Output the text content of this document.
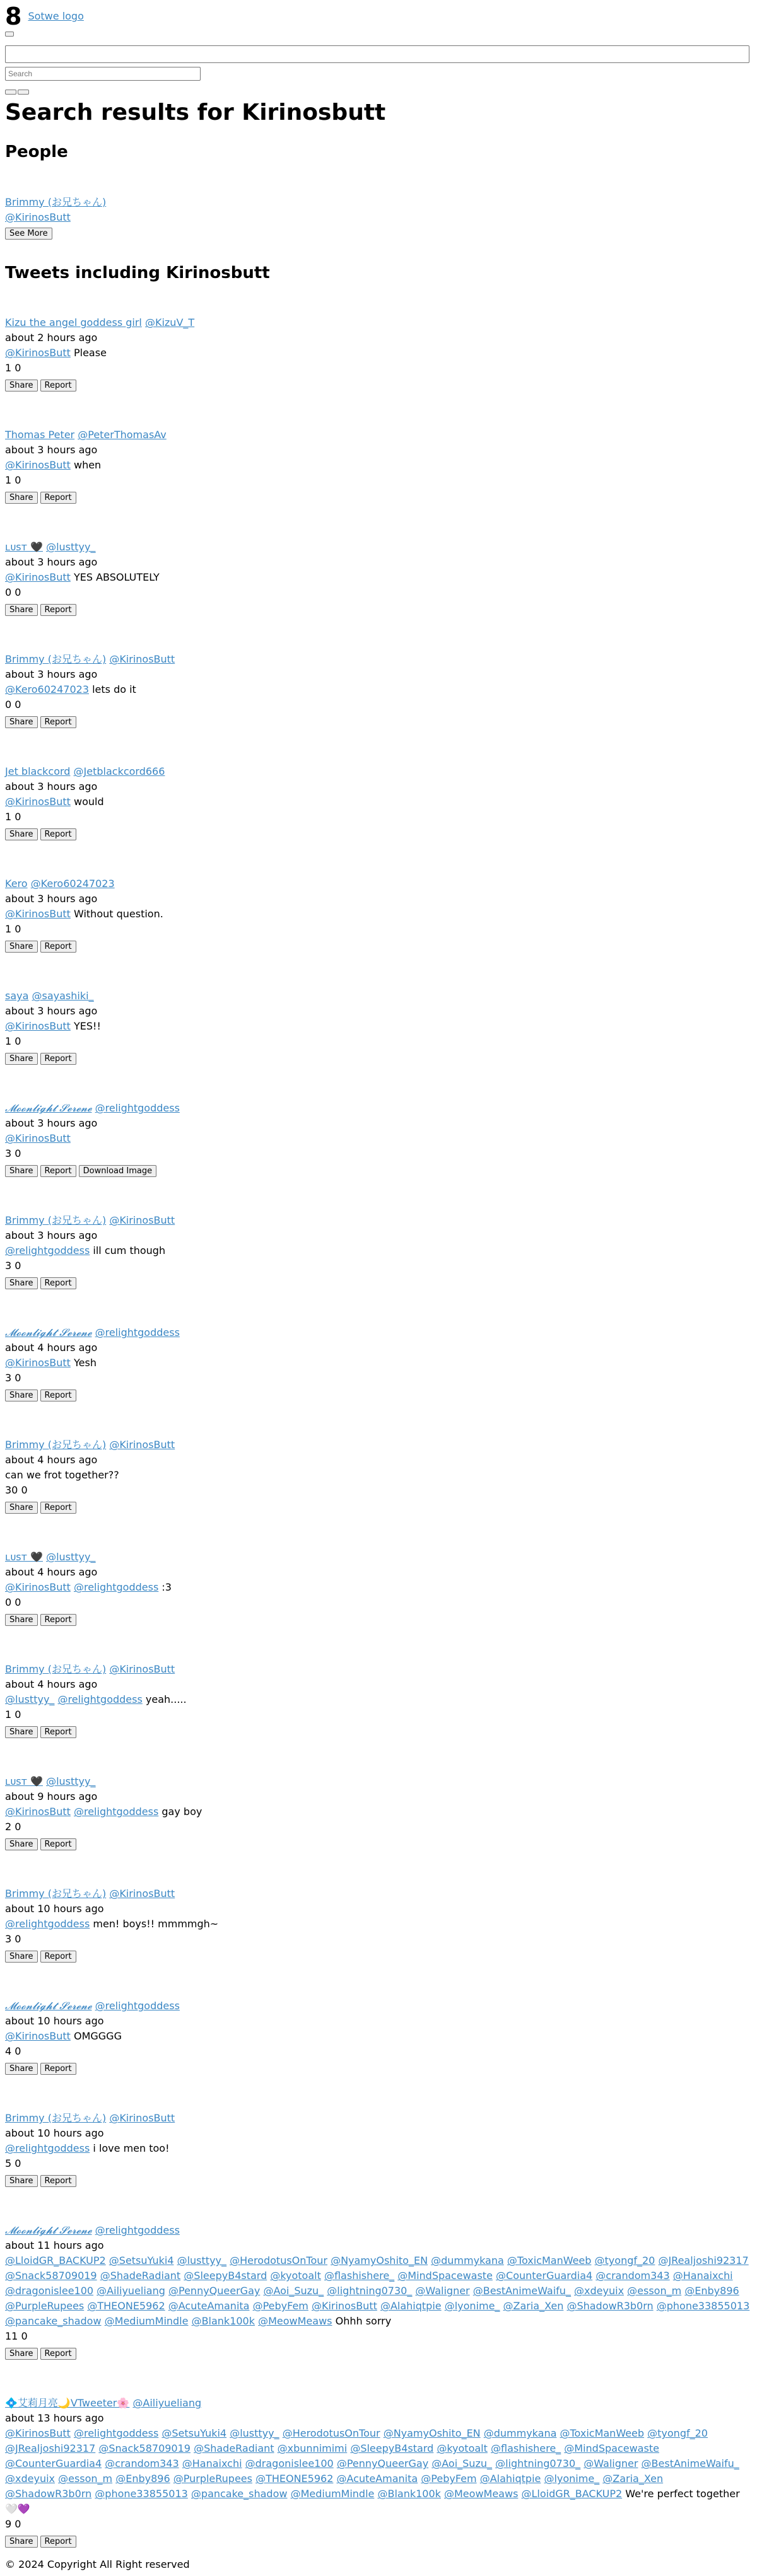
8 Sotwe logo
Search
Search results for Kirinosbutt
People
Brimmy (お兄ちゃん)
@KirinosButt
See More
Tweets including Kirinosbutt
Kizu the angel goddess girl @KizuV_T
about 2 hours ago
@KirinosButt Please
1 0
Share Report
Thomas Peter @PeterThomasAv
about 3 hours ago
@KirinosButt when
1 0
Share Report
ʟᴜꜱᴛ 🖤 @lusttyy_
about 3 hours ago
@KirinosButt YES ABSOLUTELY
0 0
Share Report
Brimmy (お兄ちゃん) @KirinosButt
about 3 hours ago
@Kero60247023 lets do it
0 0
Share Report
Jet blackcord @Jetblackcord666
about 3 hours ago
@KirinosButt would
1 0
Share Report
Kero @Kero60247023
about 3 hours ago
@KirinosButt Without question.
1 0
Share Report
saya @sayashiki_
about 3 hours ago
@KirinosButt YES!!
1 0
Share Report
𝓜𝓸𝓸𝓷𝓵𝓲𝓰𝓱𝓽 𝓢𝓮𝓻𝓮𝓷𝓮 @relightgoddess
about 3 hours ago
@KirinosButt
3 0
Share Report Download Image
Brimmy (お兄ちゃん) @KirinosButt
about 3 hours ago
@relightgoddess ill cum though
3 0
Share Report
𝓜𝓸𝓸𝓷𝓵𝓲𝓰𝓱𝓽 𝓢𝓮𝓻𝓮𝓷𝓮 @relightgoddess
about 4 hours ago
@KirinosButt Yesh
3 0
Share Report
Brimmy (お兄ちゃん) @KirinosButt
about 4 hours ago
can we frot together??
30 0
Share Report
ʟᴜꜱᴛ 🖤 @lusttyy_
about 4 hours ago
@KirinosButt @relightgoddess :3
0 0
Share Report
Brimmy (お兄ちゃん) @KirinosButt
about 4 hours ago
@lusttyy_ @relightgoddess yeah.....
1 0
Share Report
ʟᴜꜱᴛ 🖤 @lusttyy_
about 9 hours ago
@KirinosButt @relightgoddess gay boy
2 0
Share Report
Brimmy (お兄ちゃん) @KirinosButt
about 10 hours ago
@relightgoddess men! boys!! mmmmgh~
3 0
Share Report
𝓜𝓸𝓸𝓷𝓵𝓲𝓰𝓱𝓽 𝓢𝓮𝓻𝓮𝓷𝓮 @relightgoddess
about 10 hours ago
@KirinosButt OMGGGG
4 0
Share Report
Brimmy (お兄ちゃん) @KirinosButt
about 10 hours ago
@relightgoddess i love men too!
5 0
Share Report
𝓜𝓸𝓸𝓷𝓵𝓲𝓰𝓱𝓽 𝓢𝓮𝓻𝓮𝓷𝓮 @relightgoddess
about 11 hours ago
@LloidGR_BACKUP2 @SetsuYuki4 @lusttyy_ @HerodotusOnTour @NyamyOshito_EN @dummykana @ToxicManWeeb @tyongf_20 @JRealjoshi92317 @Snack58709019 @ShadeRadiant @SleepyB4stard @kyotoalt @flashishere_ @MindSpacewaste @CounterGuardia4 @crandom343 @Hanaixchi @dragonislee100 @Ailiyueliang @PennyQueerGay @Aoi_Suzu_ @lightning0730_ @Waligner @BestAnimeWaifu_ @xdeyuix @esson_m @Enby896 @PurpleRupees @THEONE5962 @AcuteAmanita @PebyFem @KirinosButt @Alahiqtpie @lyonime_ @Zaria_Xen @ShadowR3b0rn @phone33855013 @pancake_shadow @MediumMindle @Blank100k @MeowMeaws Ohhh sorry
11 0
Share Report
💠艾莉月亮🌙VTweeter🌸 @Ailiyueliang
about 13 hours ago
@KirinosButt @relightgoddess @SetsuYuki4 @lusttyy_ @HerodotusOnTour @NyamyOshito_EN @dummykana @ToxicManWeeb @tyongf_20 @JRealjoshi92317 @Snack58709019 @ShadeRadiant @xbunnimimi @SleepyB4stard @kyotoalt @flashishere_ @MindSpacewaste @CounterGuardia4 @crandom343 @Hanaixchi @dragonislee100 @PennyQueerGay @Aoi_Suzu_ @lightning0730_ @Waligner @BestAnimeWaifu_ @xdeyuix @esson_m @Enby896 @PurpleRupees @THEONE5962 @AcuteAmanita @PebyFem @Alahiqtpie @lyonime_ @Zaria_Xen @ShadowR3b0rn @phone33855013 @pancake_shadow @MediumMindle @Blank100k @MeowMeaws @LloidGR_BACKUP2 We're perfect together 🤍💜
9 0
Share Report
© 2024 Copyright All Right reserved
